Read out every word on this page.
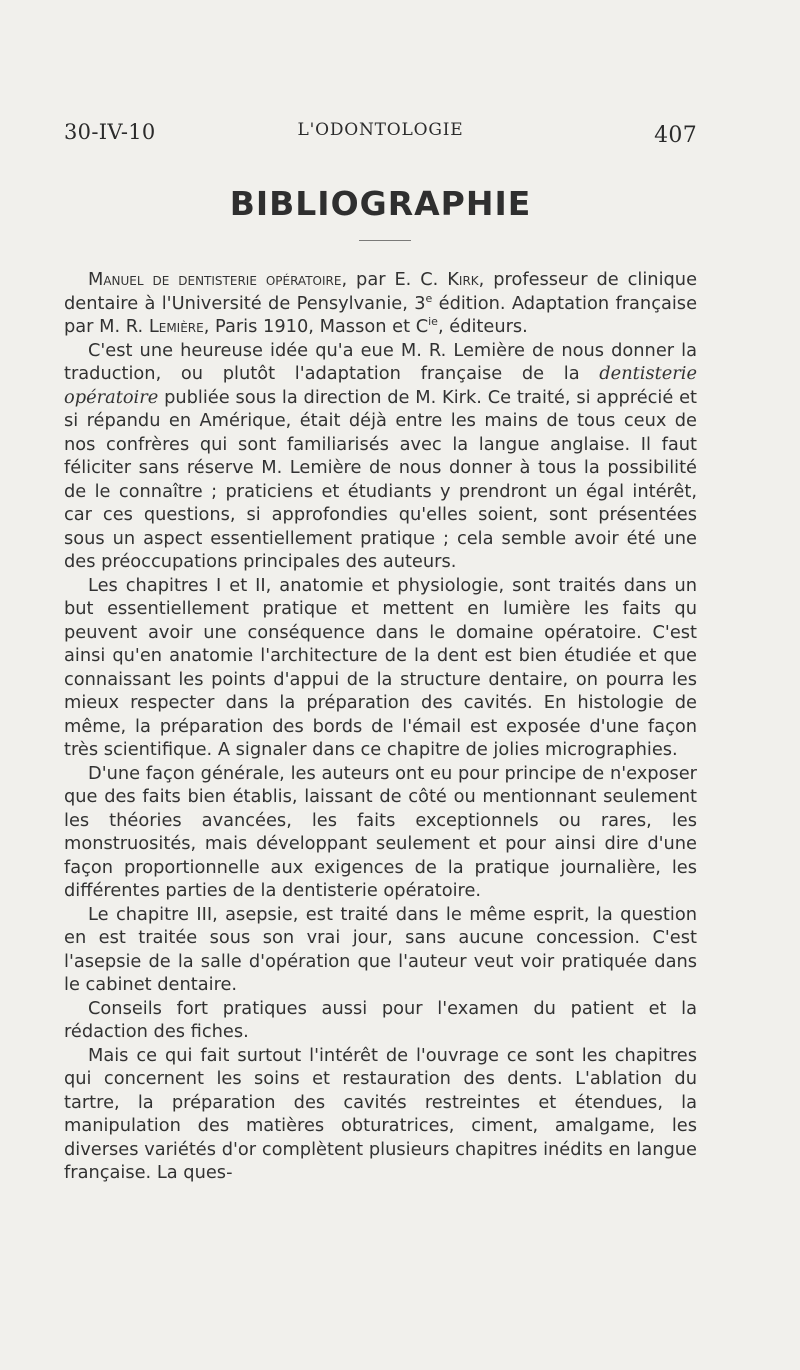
30-IV-10	L'ODONTOLOGIE	407
BIBLIOGRAPHIE

Manuel de dentisterie opératoire, par E. C. Kirk, professeur de clinique dentaire à l'Université de Pensylvanie, 3e édition. Adaptation française par M. R. Lemière, Paris 1910, Masson et $C^{ie}$, éditeurs.

C'est une heureuse idée qu'a eue M. R. Lemière de nous donner la traduction, ou plutôt l'adaptation française de la dentisterie opératoire publiée sous la direction de M. Kirk. Ce traité, si apprécié et si répandu en Amérique, était déjà entre les mains de tous ceux de nos confrères qui sont familiarisés avec la langue anglaise. Il faut féliciter sans réserve M. Lemière de nous donner à tous la possibilité de le connaître ; praticiens et étudiants y prendront un égal intérêt, car ces questions, si approfondies qu'elles soient, sont présentées sous un aspect essentiellement pratique ; cela semble avoir été une des préoccupations principales des auteurs.

Les chapitres I et II, anatomie et physiologie, sont traités dans un but essentiellement pratique et mettent en lumière les faits qu peuvent avoir une conséquence dans le domaine opératoire. C'est ainsi qu'en anatomie l'architecture de la dent est bien étudiée et que connaissant les points d'appui de la structure dentaire, on pourra les mieux respecter dans la préparation des cavités. En histologie de même, la préparation des bords de l'émail est exposée d'une façon très scientifique. A signaler dans ce chapitre de jolies micrographies.

D'une façon générale, les auteurs ont eu pour principe de n'exposer que des faits bien établis, laissant de côté ou mentionnant seulement les théories avancées, les faits exceptionnels ou rares, les monstruosités, mais développant seulement et pour ainsi dire d'une façon proportionnelle aux exigences de la pratique journalière, les différentes parties de la dentisterie opératoire.

Le chapitre III, asepsie, est traité dans le même esprit, la question en est traitée sous son vrai jour, sans aucune concession. C'est l'asepsie de la salle d'opération que l'auteur veut voir pratiquée dans le cabinet dentaire.

Conseils fort pratiques aussi pour l'examen du patient et la rédaction des fiches.

Mais ce qui fait surtout l'intérêt de l'ouvrage ce sont les chapitres qui concernent les soins et restauration des dents. L'ablation du tartre, la préparation des cavités restreintes et étendues, la manipulation des matières obturatrices, ciment, amalgame, les diverses variétés d'or complètent plusieurs chapitres inédits en langue française. La ques-
